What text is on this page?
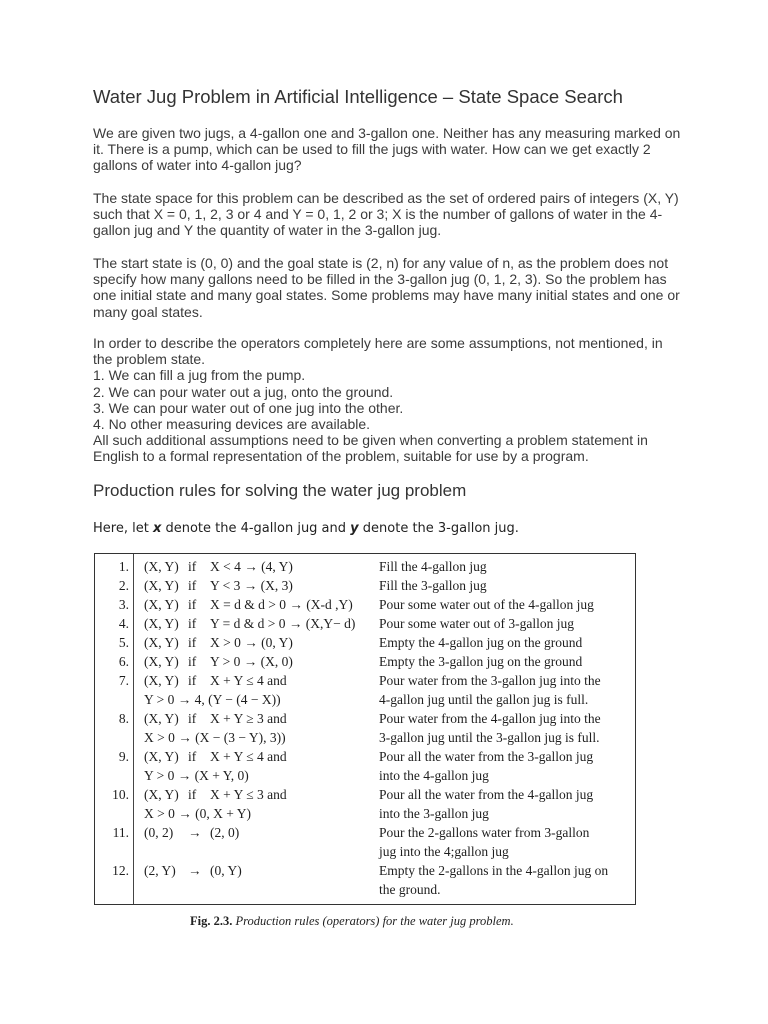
Water Jug Problem in Artificial Intelligence – State Space Search

We are given two jugs, a 4-gallon one and 3-gallon one. Neither has any measuring marked on it. There is a pump, which can be used to fill the jugs with water. How can we get exactly 2 gallons of water into 4-gallon jug?

The state space for this problem can be described as the set of ordered pairs of integers (X, Y) such that X = 0, 1, 2, 3 or 4 and Y = 0, 1, 2 or 3; X is the number of gallons of water in the 4-gallon jug and Y the quantity of water in the 3-gallon jug.

The start state is (0, 0) and the goal state is (2, n) for any value of n, as the problem does not specify how many gallons need to be filled in the 3-gallon jug (0, 1, 2, 3). So the problem has one initial state and many goal states. Some problems may have many initial states and one or many goal states.

In order to describe the operators completely here are some assumptions, not mentioned, in the problem state.
1. We can fill a jug from the pump.
2. We can pour water out a jug, onto the ground.
3. We can pour water out of one jug into the other.
4. No other measuring devices are available.
All such additional assumptions need to be given when converting a problem statement in English to a formal representation of the problem, suitable for use by a program.
Production rules for solving the water jug problem

Here, let x denote the 4-gallon jug and y denote the 3-gallon jug.

1. (X, Y) if X < 4 → (4, Y)	Fill the 4-gallon jug
2. (X, Y) if Y < 3 → (X, 3)	Fill the 3-gallon jug
3. (X, Y) if X = d & d > 0 → (X-d ,Y) Pour some water out of the 4-gallon jug
4. (X, Y) if Y = d & d > 0 → (X,Y− d) Pour some water out of 3-gallon jug
5. (X, Y) if X > 0 → (0, Y)	Empty the 4-gallon jug on the ground
6. (X, Y) if Y > 0 → (X, 0)	Empty the 3-gallon jug on the ground
7. (X, Y) if X + Y ≤ 4 and
Y > 0 → 4, (Y − (4 − X))
Pour water from the 3-gallon jug into the
4-gallon jug until the gallon jug is full.
8. (X, Y) if X + Y ≥ 3 and
X > 0 → (X − (3 − Y), 3))
Pour water from the 4-gallon jug into the
3-gallon jug until the 3-gallon jug is full.
9. (X, Y) if X + Y ≤ 4 and
Y > 0 → (X + Y, 0)
Pour all the water from the 3-gallon jug
into the 4-gallon jug
10. (X, Y) if X + Y ≤ 3 and
X > 0 → (0, X + Y)
Pour all the water from the 4-gallon jug
into the 3-gallon jug
11. (0, 2) → (2, 0)	Pour the 2-gallons water from 3-gallon
jug into the 4;gallon jug
12. (2, Y) → (0, Y)	Empty the 2-gallons in the 4-gallon jug on
the ground.

Fig. 2.3. Production rules (operators) for the water jug problem.
